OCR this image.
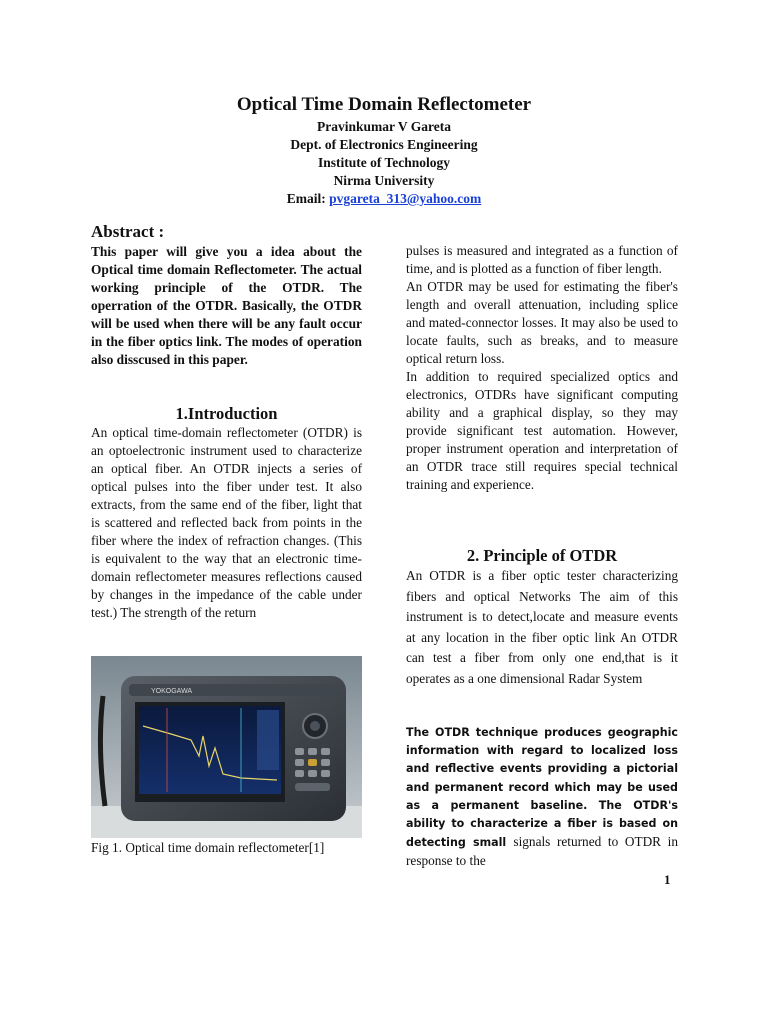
Optical Time Domain Reflectometer
Pravinkumar V Gareta
Dept. of Electronics Engineering
Institute of Technology
Nirma University
Email: pvgareta_313@yahoo.com
Abstract :
This paper will give you a idea about the Optical time domain Reflectometer. The actual working principle of the OTDR. The operration of the OTDR. Basically, the OTDR will be used when there will be any fault occur in the fiber optics link. The modes of operation also disscused in this paper.
1.Introduction
An optical time-domain reflectometer (OTDR) is an optoelectronic instrument used to characterize an optical fiber. An OTDR injects a series of optical pulses into the fiber under test. It also extracts, from the same end of the fiber, light that is scattered and reflected back from points in the fiber where the index of refraction changes. (This is equivalent to the way that an electronic time-domain reflectometer measures reflections caused by changes in the impedance of the cable under test.) The strength of the return
YOKOGAWA
Fig 1. Optical time domain reflectometer[1]
pulses is measured and integrated as a function of time, and is plotted as a function of fiber length.
An OTDR may be used for estimating the fiber's length and overall attenuation, including splice and mated-connector losses. It may also be used to locate faults, such as breaks, and to measure optical return loss.
In addition to required specialized optics and electronics, OTDRs have significant computing ability and a graphical display, so they may provide significant test automation. However, proper instrument operation and interpretation of an OTDR trace still requires special technical training and experience.
2. Principle of OTDR
An OTDR is a fiber optic tester characterizing fibers and optical Networks The aim of this instrument is to detect,locate and measure events at any location in the fiber optic link An OTDR can test a fiber from only one end,that is it operates as a one dimensional Radar System
The OTDR technique produces geographic information with regard to localized loss and reflective events providing a pictorial and permanent record which may be used as a permanent baseline. The OTDR's ability to characterize a fiber is based on detecting small signals returned to OTDR in response to the
1
